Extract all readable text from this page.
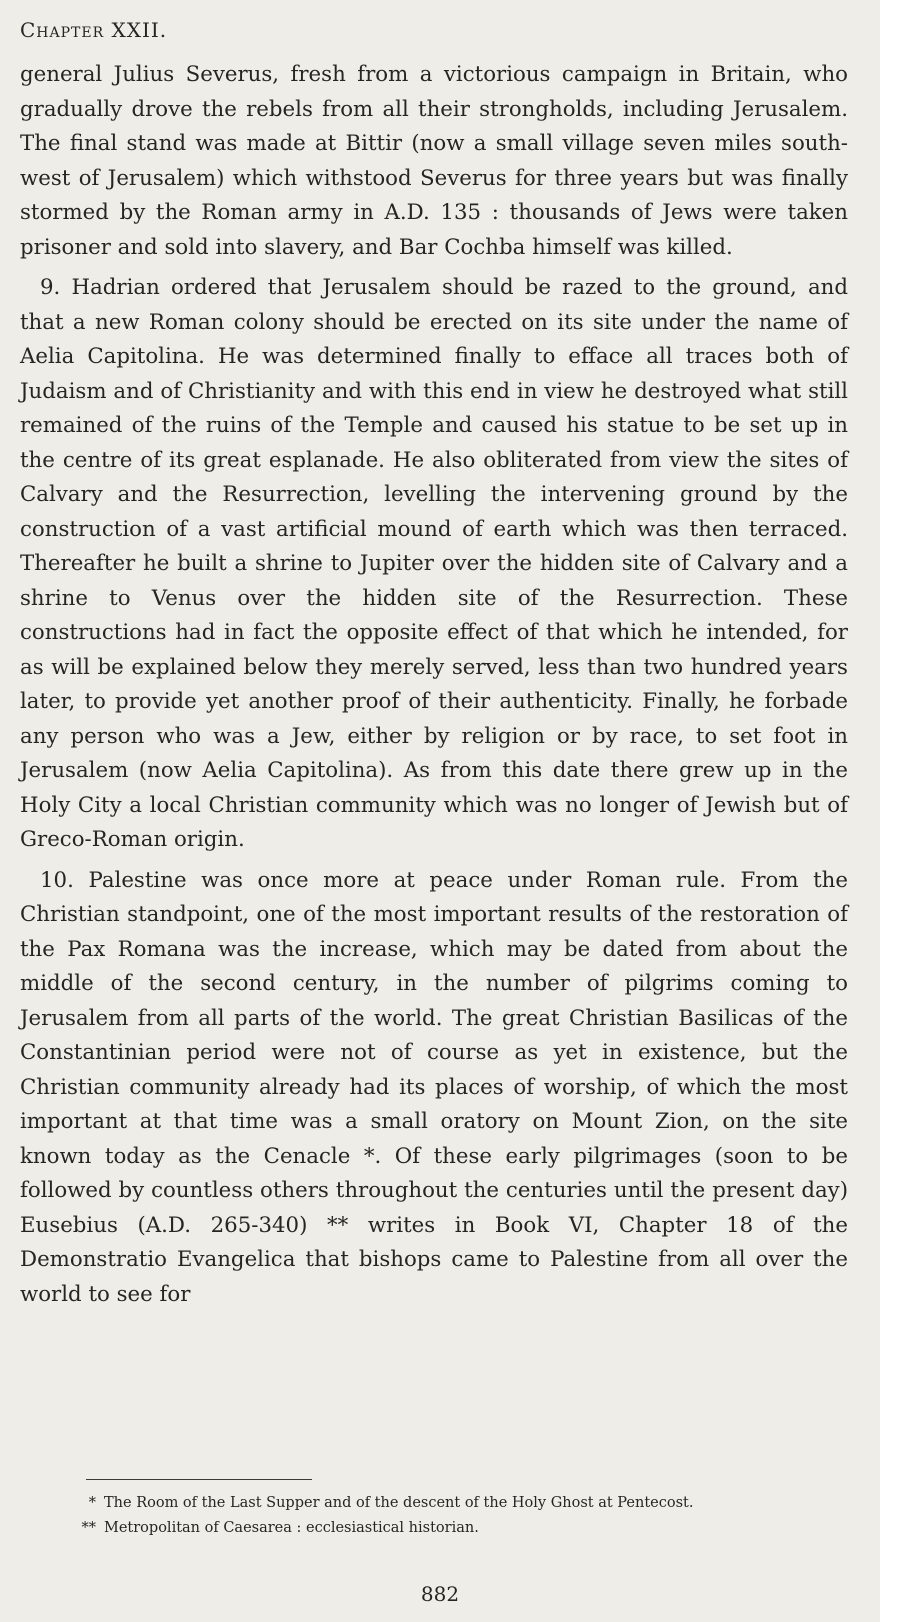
Chapter XXII.

general Julius Severus, fresh from a victorious campaign in Britain, who gradually drove the rebels from all their strongholds, including Jerusalem. The final stand was made at Bittir (now a small village seven miles south-west of Jerusalem) which withstood Severus for three years but was finally stormed by the Roman army in A.D. 135 : thousands of Jews were taken prisoner and sold into slavery, and Bar Cochba himself was killed.

9. Hadrian ordered that Jerusalem should be razed to the ground, and that a new Roman colony should be erected on its site under the name of Aelia Capitolina. He was determined finally to efface all traces both of Judaism and of Christianity and with this end in view he destroyed what still remained of the ruins of the Temple and caused his statue to be set up in the centre of its great esplanade. He also obliterated from view the sites of Calvary and the Resurrection, levelling the intervening ground by the construction of a vast artificial mound of earth which was then terraced. Thereafter he built a shrine to Jupiter over the hidden site of Calvary and a shrine to Venus over the hidden site of the Resurrection. These constructions had in fact the opposite effect of that which he intended, for as will be explained below they merely served, less than two hundred years later, to provide yet another proof of their authenticity. Finally, he forbade any person who was a Jew, either by religion or by race, to set foot in Jerusalem (now Aelia Capitolina). As from this date there grew up in the Holy City a local Christian community which was no longer of Jewish but of Greco-Roman origin.

10. Palestine was once more at peace under Roman rule. From the Christian standpoint, one of the most important results of the restoration of the Pax Romana was the increase, which may be dated from about the middle of the second century, in the number of pilgrims coming to Jerusalem from all parts of the world. The great Christian Basilicas of the Constantinian period were not of course as yet in existence, but the Christian community already had its places of worship, of which the most important at that time was a small oratory on Mount Zion, on the site known today as the Cenacle *. Of these early pilgrimages (soon to be followed by countless others throughout the centuries until the present day) Eusebius (A.D. 265-340) ** writes in Book VI, Chapter 18 of the Demonstratio Evangelica that bishops came to Palestine from all over the world to see for

* The Room of the Last Supper and of the descent of the Holy Ghost at Pentecost.
** Metropolitan of Caesarea : ecclesiastical historian.
882
